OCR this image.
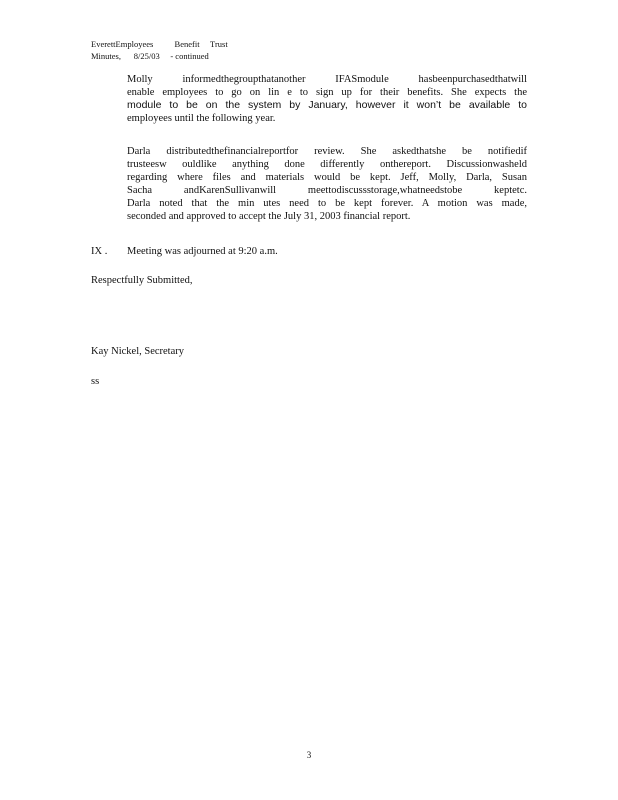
EverettEmployees          Benefit     Trust
Minutes,      8/25/03     - continued
Molly informedthegroupthatanother IFASmodule hasbeenpurchasedthatwill
enable employees to go on lin e to sign up for their benefits. She expects the
module to be on the system by January, however it won’t be available to
employees until the following year.
Darla distributedthefinancialreportfor review. She askedthatshe be notifiedif
trusteesw ouldlike anything done differently onthereport. Discussionwasheld
regarding where files and materials would be kept. Jeff, Molly, Darla, Susan
Sacha andKarenSullivanwill meettodiscussstorage,whatneedstobe keptetc.
Darla noted that the min utes need to be kept forever. A motion was made,
seconded and approved to accept the July 31, 2003 financial report.
IX . Meeting was adjourned at 9:20 a.m.
Respectfully Submitted,
Kay Nickel, Secretary
ss
3
